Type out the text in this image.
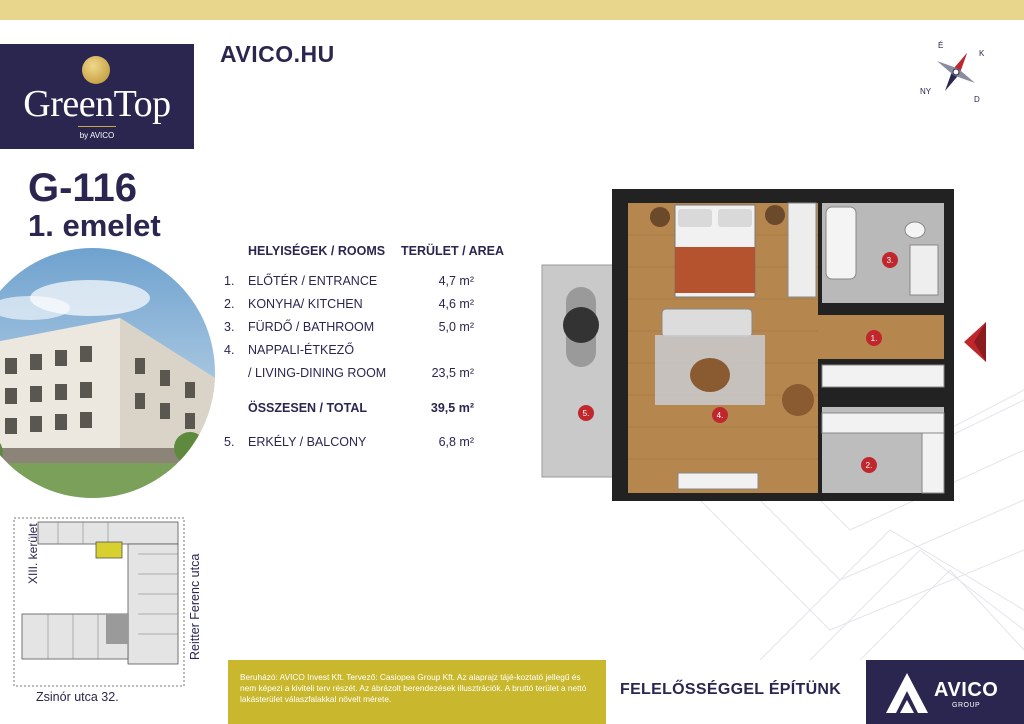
GreenTop
by AVICO
AVICO.HU	É
K
D
NY
G-116
1. emelet
HELYISÉGEK / ROOMS TERÜLET / AREA
1. ELŐTÉR / ENTRANCE	4,7 m²
2. KONYHA/ KITCHEN	4,6 m²
3. FÜRDŐ / BATHROOM	5,0 m²
4. NAPPALI-ÉTKEZŐ
/ LIVING-DINING ROOM	23,5 m²
ÖSSZESEN / TOTAL	39,5 m²
5. ERKÉLY / BALCONY	6,8 m²
1.
2.
3.
4.
5.
XIII. kerület
Reitter Ferenc utca
Zsinór utca 32.
Beruházó: AVICO Invest Kft. Tervező: Casiopea Group Kft. Az alaprajz tájé-koztató jellegű és nem képezi a kiviteli terv részét. Az ábrázolt berendezések illusztrációk. A bruttó terület a nettó lakásterület válaszfalakkal növelt mérete.
FELELŐSSÉGGEL ÉPÍTÜNK	AVICO
GROUP
